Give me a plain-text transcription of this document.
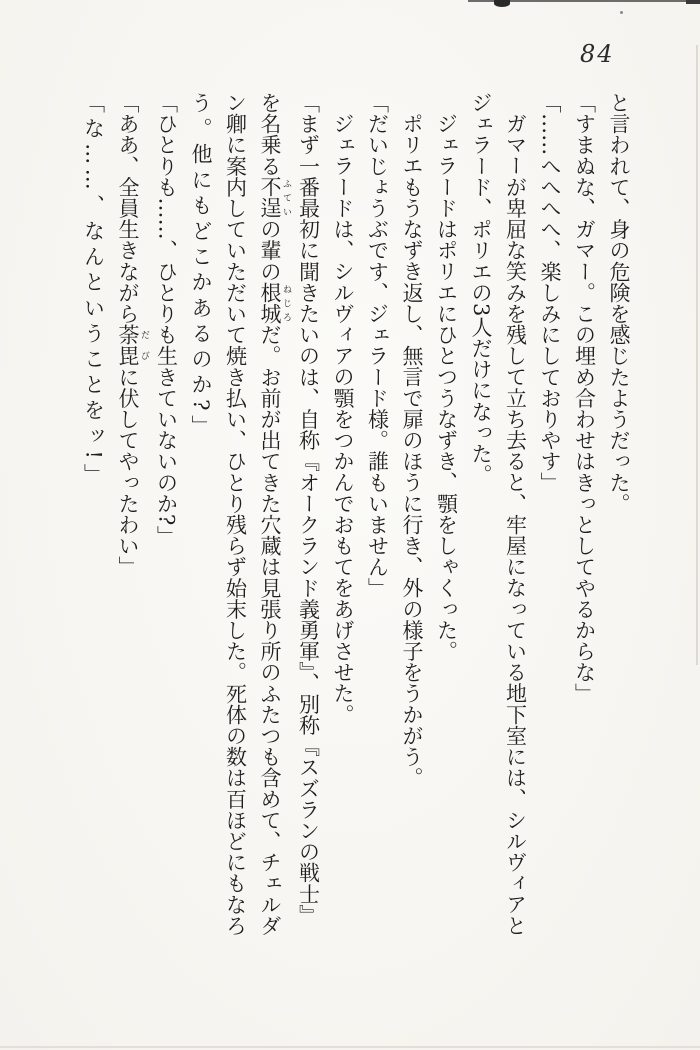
84

と言われて、身の危険を感じたようだった。

「すまぬな、ガマー。この埋め合わせはきっとしてやるからな」

「……へへへへ、楽しみにしておりやす」

ガマーが卑屈な笑みを残して立ち去ると、牢屋になっている地下室には、シルヴィアと

ジェラード、ポリエの3人だけになった。

ジェラードはポリエにひとつうなずき、顎をしゃくった。

ポリエもうなずき返し、無言で扉のほうに行き、外の様子をうかがう。

「だいじょうぶです、ジェラード様。誰もいません」

ジェラードは、シルヴィアの顎をつかんでおもてをあげさせた。

「まず一番最初に聞きたいのは、自称『オークランド義勇軍』、別称『スズランの戦士』

を名乗る不逞 ふていの輩の根城 ねじろだ。お前が出てきた穴蔵は見張り所のふたつも含めて、チェルダ

ン卿に案内していただいて焼き払い、ひとり残らず始末した。死体の数は百ほどにもなろ

う。他にもどこかあるのか?」

「ひとりも……、ひとりも生きていないのか?」

「ああ、全員生きながら荼毘 だびに伏してやったわい」

「な……、なんということをッ!」
